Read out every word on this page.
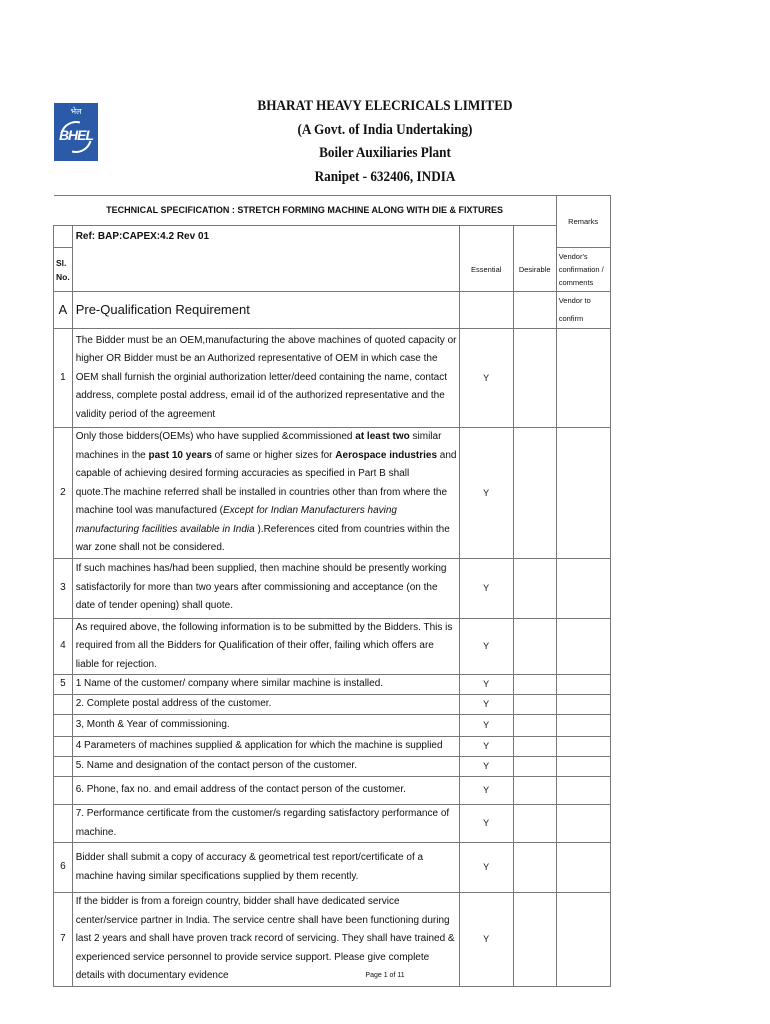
भेल
BHEL
BHARAT HEAVY ELECRICALS LIMITED
(A Govt. of India Undertaking)
Boiler Auxiliaries Plant
Ranipet - 632406, INDIA
TECHNICAL SPECIFICATION : STRETCH FORMING MACHINE ALONG WITH DIE & FIXTURES				Remarks
	Ref: BAP:CAPEX:4.2 Rev 01			
Sl. No.		Essential	Desirable	Vendor's confirmation / comments
A	Pre-Qualification Requirement			Vendor to confirm
1	The Bidder must be an OEM,manufacturing the above machines of quoted capacity or higher OR Bidder must be an Authorized representative of OEM in which case the OEM shall furnish the orginial authorization letter/deed containing the name, contact address, complete postal address, email id of the authorized representative and the validity period of the agreement	Y		
2	Only those bidders(OEMs) who have supplied &commissioned at least two similar machines in the past 10 years of same or higher sizes for Aerospace industries and capable of achieving desired forming accuracies as specified in Part B shall quote.The machine referred shall be installed in countries other than from where the machine tool was manufactured (Except for Indian Manufacturers having manufacturing facilities available in India ).References cited from countries within the war zone shall not be considered.	Y		
3	If such machines has/had been supplied, then machine should be presently working satisfactorily for more than two years after commissioning and acceptance (on the date of tender opening) shall quote.	Y		
4	As required above, the following information is to be submitted by the Bidders. This is required from all the Bidders for Qualification of their offer, failing which offers are liable for rejection.	Y		
5	1 Name of the customer/ company where similar machine is installed.	Y		
	2. Complete postal address of the customer.	Y		
	3, Month & Year of commissioning.	Y		
	4 Parameters of machines supplied & application for which the machine is supplied	Y		
	5. Name and designation of the contact person of the customer.	Y		
	6. Phone, fax no. and email address of the contact person of the customer.	Y		
	7. Performance certificate from the customer/s regarding satisfactory performance of machine.	Y		
6	Bidder shall submit a copy of accuracy & geometrical test report/certificate of a machine having similar specifications supplied by them recently.	Y		
7	If the bidder is from a foreign country, bidder shall have dedicated service center/service partner in India. The service centre shall have been functioning during last 2 years and shall have proven track record of servicing. They shall have trained & experienced service personnel to provide service support. Please give complete details with documentary evidence	Y		
Page 1 of 11
